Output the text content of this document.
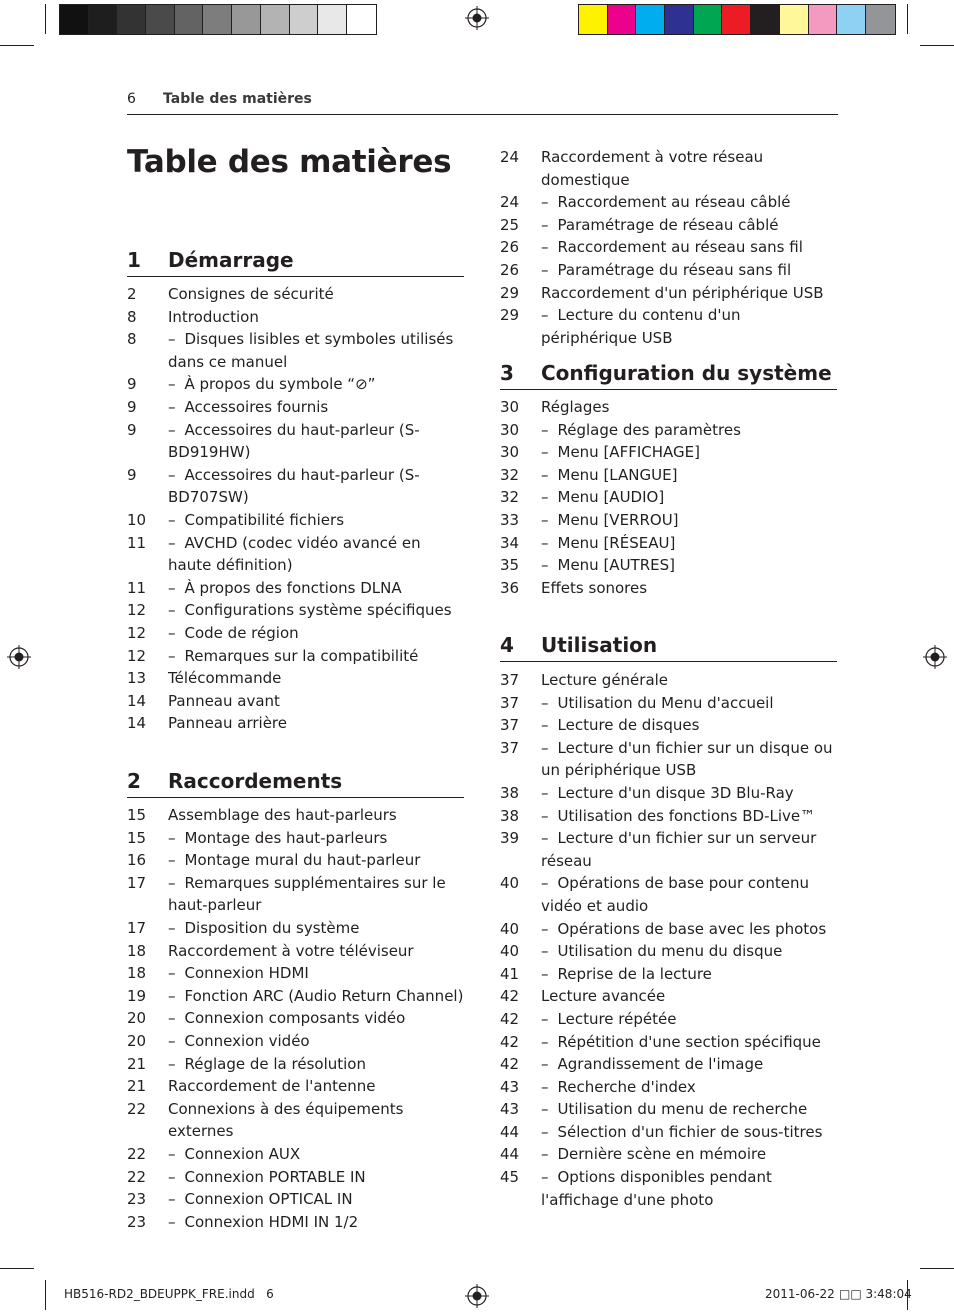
6 Table des matières
Table des matières
1 Démarrage
2 Consignes de sécurité
8 Introduction
8 – Disques lisibles et symboles utilisés dans ce manuel
9 – À propos du symbole “⊘”
9 – Accessoires fournis
9 – Accessoires du haut-parleur (S-BD919HW)
9 – Accessoires du haut-parleur (S-BD707SW)
10 – Compatibilité fichiers
11 – AVCHD (codec vidéo avancé en haute définition)
11 – À propos des fonctions DLNA
12 – Configurations système spécifiques
12 – Code de région
12 – Remarques sur la compatibilité
13 Télécommande
14 Panneau avant
14 Panneau arrière
2 Raccordements
15 Assemblage des haut-parleurs
15 – Montage des haut-parleurs
16 – Montage mural du haut-parleur
17 – Remarques supplémentaires sur le haut-parleur
17 – Disposition du système
18 Raccordement à votre téléviseur
18 – Connexion HDMI
19 – Fonction ARC (Audio Return Channel)
20 – Connexion composants vidéo
20 – Connexion vidéo
21 – Réglage de la résolution
21 Raccordement de l'antenne
22 Connexions à des équipements externes
22 – Connexion AUX
22 – Connexion PORTABLE IN
23 – Connexion OPTICAL IN
23 – Connexion HDMI IN 1/2
24 Raccordement à votre réseau domestique
24 – Raccordement au réseau câblé
25 – Paramétrage de réseau câblé
26 – Raccordement au réseau sans fil
26 – Paramétrage du réseau sans fil
29 Raccordement d'un périphérique USB
29 – Lecture du contenu d'un périphérique USB
3 Configuration du système
30 Réglages
30 – Réglage des paramètres
30 – Menu [AFFICHAGE]
32 – Menu [LANGUE]
32 – Menu [AUDIO]
33 – Menu [VERROU]
34 – Menu [RÉSEAU]
35 – Menu [AUTRES]
36 Effets sonores
4 Utilisation
37 Lecture générale
37 – Utilisation du Menu d'accueil
37 – Lecture de disques
37 – Lecture d'un fichier sur un disque ou un périphérique USB
38 – Lecture d'un disque 3D Blu-Ray
38 – Utilisation des fonctions BD-Live™
39 – Lecture d'un fichier sur un serveur réseau
40 – Opérations de base pour contenu vidéo et audio
40 – Opérations de base avec les photos
40 – Utilisation du menu du disque
41 – Reprise de la lecture
42 Lecture avancée
42 – Lecture répétée
42 – Répétition d'une section spécifique
42 – Agrandissement de l'image
43 – Recherche d'index
43 – Utilisation du menu de recherche
44 – Sélection d'un fichier de sous-titres
44 – Dernière scène en mémoire
45 – Options disponibles pendant l'affichage d'une photo
HB516-RD2_BDEUPPK_FRE.indd   6	2011-06-22 □□ 3:48:04
